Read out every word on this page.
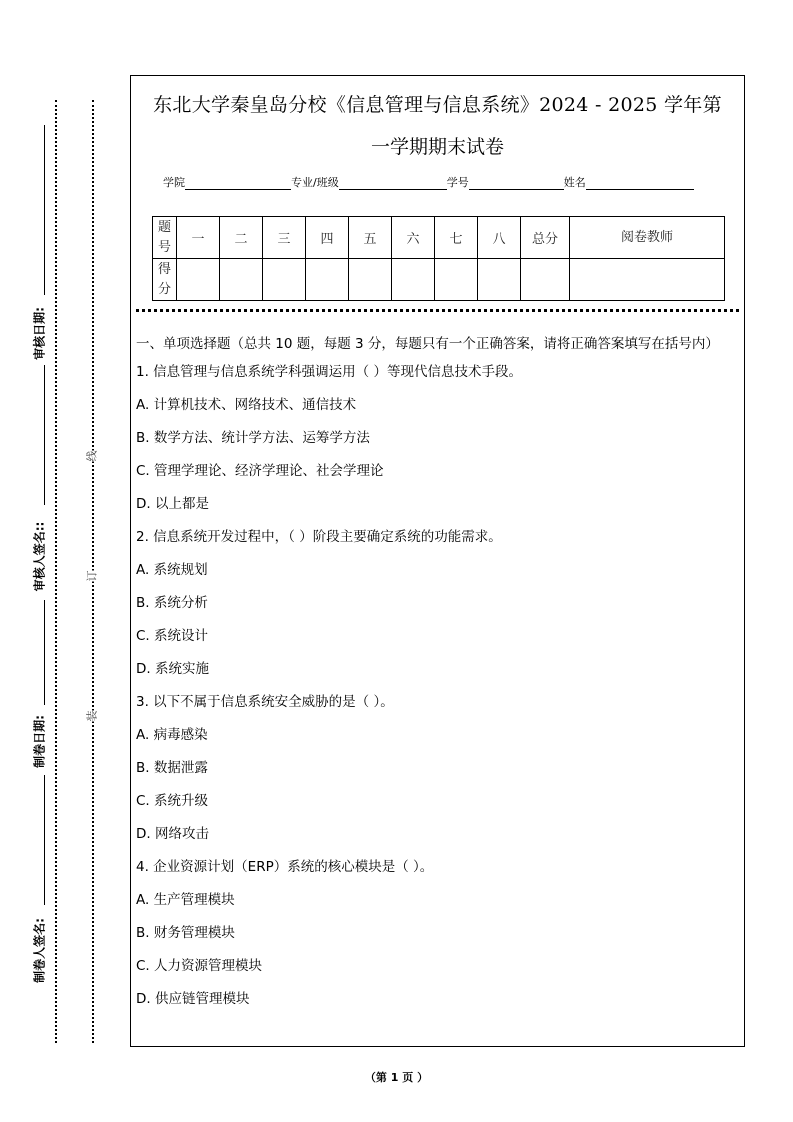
审核日期:
审核人签名::
制卷日期:
制卷人签名:
线
订
装
东北大学秦皇岛分校《信息管理与信息系统》2024 - 2025 学年第
一学期期末试卷
学院	专业/班级	学号	姓名
题
号	一	二	三	四	五	六	七	八	总分	阅卷教师
得
分										
一、单项选择题（总共 10 题，每题 3 分，每题只有一个正确答案，请将正确答案填写在括号内）
1. 信息管理与信息系统学科强调运用（ ）等现代信息技术手段。
A. 计算机技术、网络技术、通信技术
B. 数学方法、统计学方法、运筹学方法
C. 管理学理论、经济学理论、社会学理论
D. 以上都是
2. 信息系统开发过程中，（ ）阶段主要确定系统的功能需求。
A. 系统规划
B. 系统分析
C. 系统设计
D. 系统实施
3. 以下不属于信息系统安全威胁的是（ ）。
A. 病毒感染
B. 数据泄露
C. 系统升级
D. 网络攻击
4. 企业资源计划（ERP）系统的核心模块是（ ）。
A. 生产管理模块
B. 财务管理模块
C. 人力资源管理模块
D. 供应链管理模块
（第 1 页 ）
